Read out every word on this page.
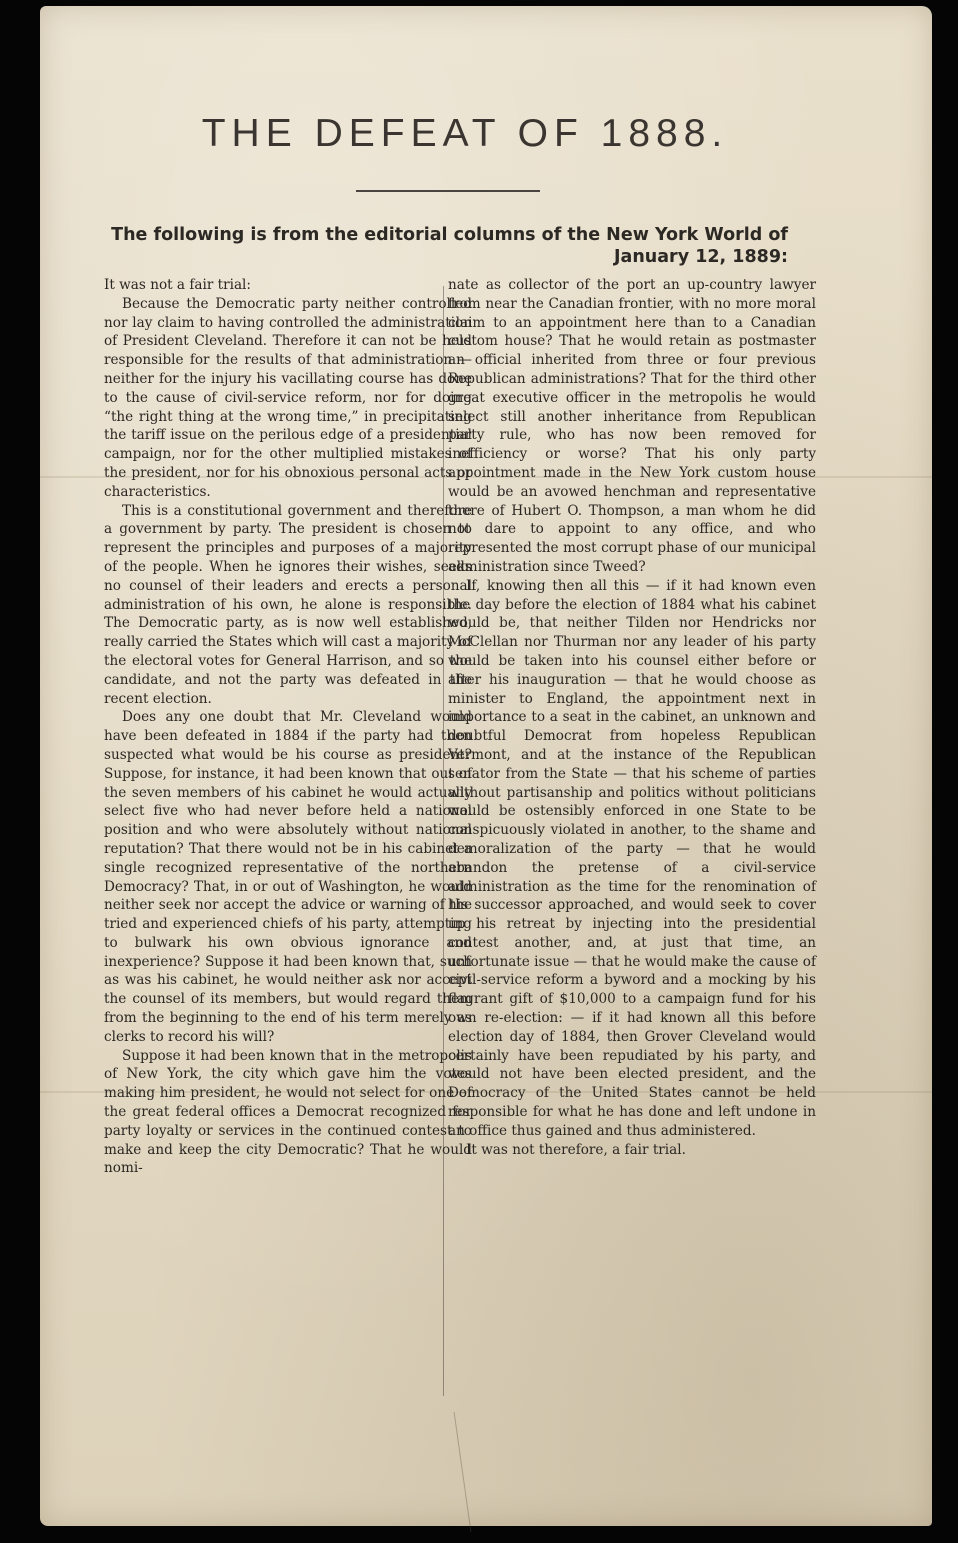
THE DEFEAT OF 1888.
The following is from the editorial columns of the New York World of January 12, 1889:

It was not a fair trial:

Because the Democratic party neither controlled nor lay claim to having controlled the administration of President Cleveland. Therefore it can not be held responsible for the results of that administration — neither for the injury his vacillating course has done to the cause of civil-service reform, nor for doing “the right thing at the wrong time,” in precipitating the tariff issue on the perilous edge of a presidential campaign, nor for the other multiplied mistakes of the president, nor for his obnoxious personal acts or characteristics.

This is a constitutional government and therefore a government by party. The president is chosen to represent the principles and purposes of a majority of the people. When he ignores their wishes, seeks no counsel of their leaders and erects a personal administration of his own, he alone is responsible. The Democratic party, as is now well established, really carried the States which will cast a majority of the electoral votes for General Harrison, and so the candidate, and not the party was defeated in the recent election.

Does any one doubt that Mr. Cleveland would have been defeated in 1884 if the party had then suspected what would be his course as president? Suppose, for instance, it had been known that out of the seven members of his cabinet he would actually select five who had never before held a national position and who were absolutely without national reputation? That there would not be in his cabinet a single recognized representative of the northern Democracy? That, in or out of Washington, he would neither seek nor accept the advice or warning of the tried and experienced chiefs of his party, attempting to bulwark his own obvious ignorance and inexperience? Suppose it had been known that, such as was his cabinet, he would neither ask nor accept the counsel of its members, but would regard them from the beginning to the end of his term merely as clerks to record his will?

Suppose it had been known that in the metropolis of New York, the city which gave him the votes making him president, he would not select for one of the great federal offices a Democrat recognized for party loyalty or services in the continued contest to make and keep the city Democratic? That he would nomi-

nate as collector of the port an up-country lawyer from near the Canadian frontier, with no more moral claim to an appointment here than to a Canadian custom house? That he would retain as postmaster an official inherited from three or four previous Republican administrations? That for the third other great executive officer in the metropolis he would select still another inheritance from Republican party rule, who has now been removed for inefficiency or worse? That his only party appointment made in the New York custom house would be an avowed henchman and representative there of Hubert O. Thompson, a man whom he did not dare to appoint to any office, and who represented the most corrupt phase of our municipal administration since Tweed?

If, knowing then all this — if it had known even the day before the election of 1884 what his cabinet would be, that neither Tilden nor Hendricks nor McClellan nor Thurman nor any leader of his party would be taken into his counsel either before or after his inauguration — that he would choose as minister to England, the appointment next in importance to a seat in the cabinet, an unknown and doubtful Democrat from hopeless Republican Vermont, and at the instance of the Republican senator from the State — that his scheme of parties without partisanship and politics without politicians would be ostensibly enforced in one State to be conspicuously violated in another, to the shame and demoralization of the party — that he would abandon the pretense of a civil-service administration as the time for the renomination of his successor approached, and would seek to cover up his retreat by injecting into the presidential contest another, and, at just that time, an unfortunate issue — that he would make the cause of civil-service reform a byword and a mocking by his flagrant gift of $10,000 to a campaign fund for his own re-election: — if it had known all this before election day of 1884, then Grover Cleveland would certainly have been repudiated by his party, and would not have been elected president, and the Democracy of the United States cannot be held responsible for what he has done and left undone in an office thus gained and thus administered.

It was not therefore, a fair trial.
